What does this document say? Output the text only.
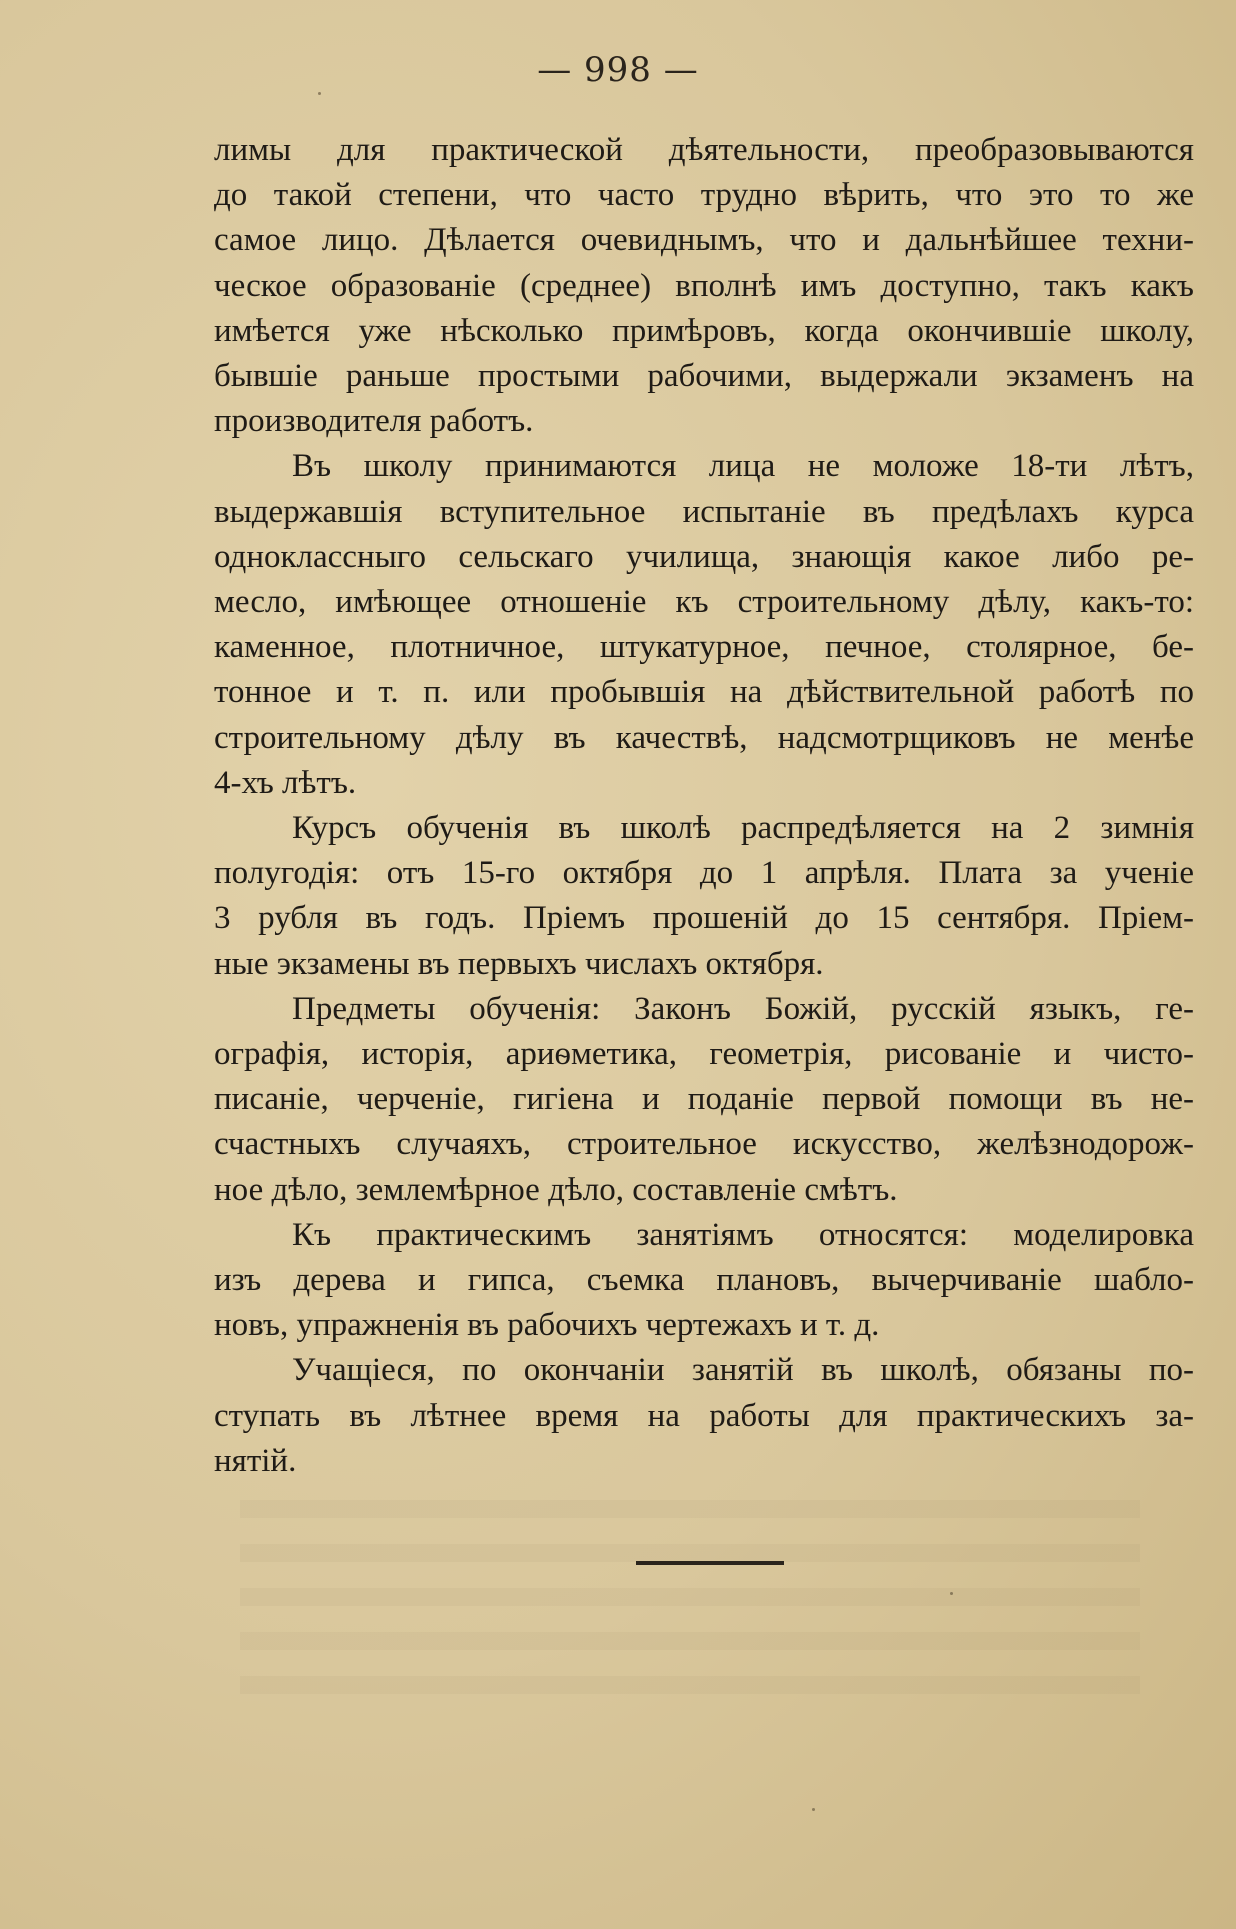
— 998 —

лимы для практической дѣятельности, преобразовываются

до такой степени, что часто трудно вѣрить, что это то же

самое лицо. Дѣлается очевиднымъ, что и дальнѣйшее техни-

ческое образованіе (среднее) вполнѣ имъ доступно, такъ какъ

имѣется уже нѣсколько примѣровъ, когда окончившіе школу,

бывшіе раньше простыми рабочими, выдержали экзаменъ на

производителя работъ.

Въ школу принимаются лица не моложе 18-ти лѣтъ,

выдержавшія вступительное испытаніе въ предѣлахъ курса

одноклассныго сельскаго училища, знающія какое либо ре-

месло, имѣющее отношеніе къ строительному дѣлу, какъ-то:

каменное, плотничное, штукатурное, печное, столярное, бе-

тонное и т. п. или пробывшія на дѣйствительной работѣ по

строительному дѣлу въ качествѣ, надсмотрщиковъ не менѣе

4-хъ лѣтъ.

Курсъ обученія въ школѣ распредѣляется на 2 зимнія

полугодія: отъ 15-го октября до 1 апрѣля. Плата за ученіе

3 рубля въ годъ. Пріемъ прошеній до 15 сентября. Пріем-

ные экзамены въ первыхъ числахъ октября.

Предметы обученія: Законъ Божій, русскій языкъ, ге-

ографія, исторія, ариѳметика, геометрія, рисованіе и чисто-

писаніе, черченіе, гигіена и поданіе первой помощи въ не-

счастныхъ случаяхъ, строительное искусство, желѣзнодорож-

ное дѣло, землемѣрное дѣло, составленіе смѣтъ.

Къ практическимъ занятіямъ относятся: моделировка

изъ дерева и гипса, съемка плановъ, вычерчиваніе шабло-

новъ, упражненія въ рабочихъ чертежахъ и т. д.

Учащіеся, по окончаніи занятій въ школѣ, обязаны по-

ступать въ лѣтнее время на работы для практическихъ за-

нятій.
